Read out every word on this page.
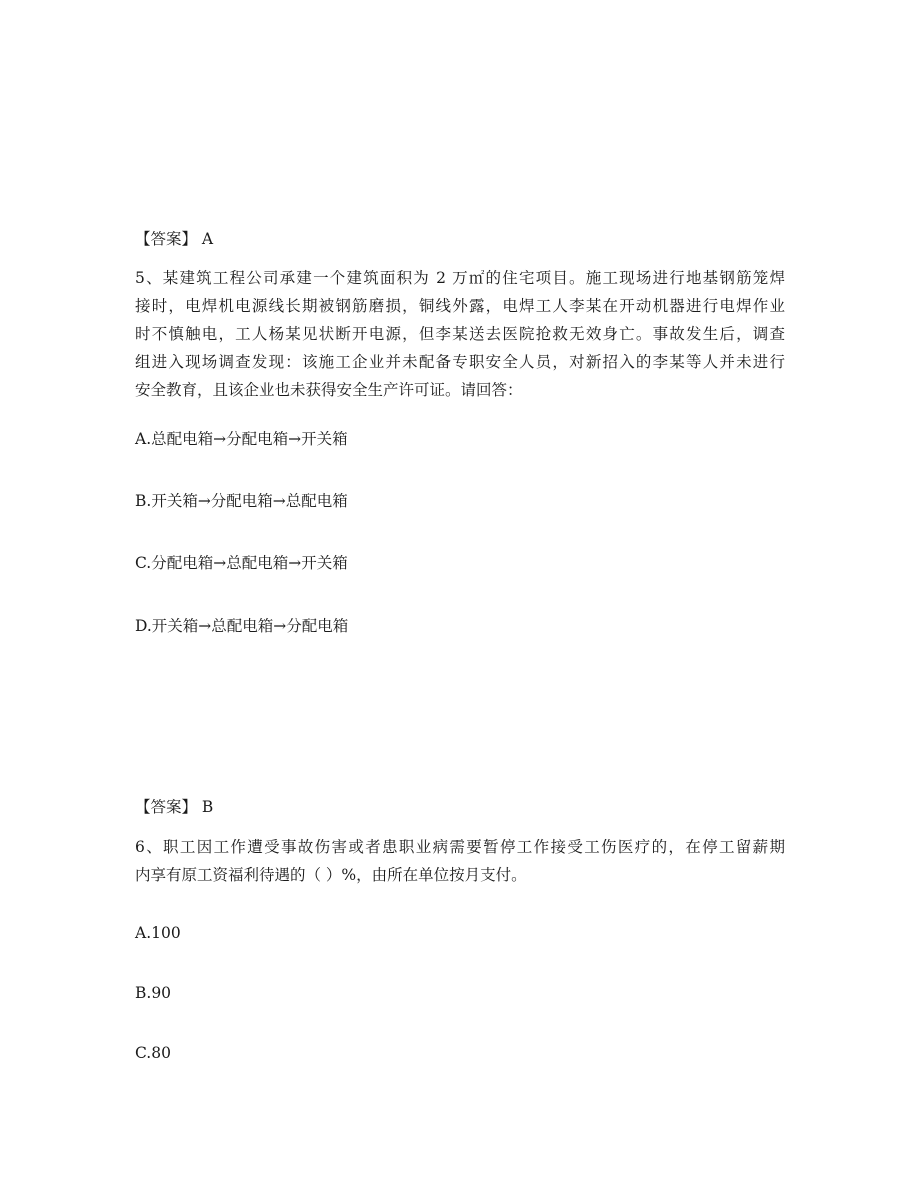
【答案】 A
5、某建筑工程公司承建一个建筑面积为 2 万㎡的住宅项目。施工现场进行地基钢筋笼焊
接时，电焊机电源线长期被钢筋磨损，铜线外露，电焊工人李某在开动机器进行电焊作业
时不慎触电，工人杨某见状断开电源，但李某送去医院抢救无效身亡。事故发生后，调查
组进入现场调查发现：该施工企业并未配备专职安全人员，对新招入的李某等人并未进行
安全教育，且该企业也未获得安全生产许可证。请回答：
A.总配电箱→分配电箱→开关箱
B.开关箱→分配电箱→总配电箱
C.分配电箱→总配电箱→开关箱
D.开关箱→总配电箱→分配电箱
【答案】 B
6、职工因工作遭受事故伤害或者患职业病需要暂停工作接受工伤医疗的，在停工留薪期
内享有原工资福利待遇的（ ）%，由所在单位按月支付。
A.100
B.90
C.80
